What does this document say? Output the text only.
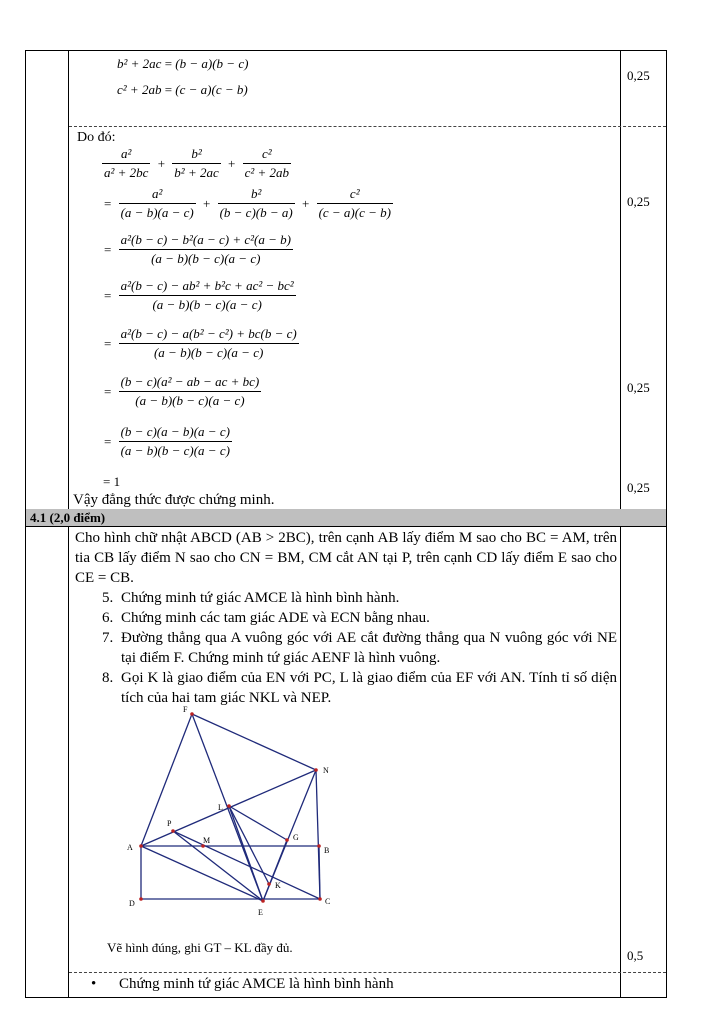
b² + 2ac = (b − a)(b − c)
c² + 2ab = (c − a)(c − b)
0,25
Do đó:
$\frac{\text{a²}}{\text{a² + 2bc}} + \frac{\text{b²}}{\text{b² + 2ac}} + \frac{\text{c²}}{\text{c² + 2ab}}$
= $\frac{\text{a²}}{(a - b)(a - c)} + \frac{\text{b²}}{(b - c)(b - a)} + \frac{\text{c²}}{(c - a)(c - b)}$	0,25
= $\frac{\text{a²(b − c) − b²(a − c) + c²(a − b)}}{(a - b)(b - c)(a - c)}$
= $\frac{\text{a²(b − c) − ab² + b²c + ac² − bc²}}{(a - b)(b - c)(a - c)}$
= $\frac{\text{a²(b − c) − a(b² − c²) + bc(b − c)}}{(a - b)(b - c)(a - c)}$
= $\frac{\text{(b − c)(a² − ab − ac + bc)}}{(a - b)(b - c)(a - c)}$	0,25
= $\frac{(b - c)(a - b)(a - c)}{(a - b)(b - c)(a - c)}$
= 1	0,25
Vậy đẳng thức được chứng minh.
4.1 (2,0 điểm)
Cho hình chữ nhật ABCD (AB > 2BC), trên cạnh AB lấy điểm M sao cho BC = AM, trên tia CB lấy điểm N sao cho CN = BM, CM cắt AN tại P, trên cạnh CD lấy điểm E sao cho CE = CB.
5. Chứng minh tứ giác AMCE là hình bình hành.
6. Chứng minh các tam giác ADE và ECN bằng nhau.
7. Đường thẳng qua A vuông góc với AE cắt đường thẳng qua N vuông góc với NE tại điểm F. Chứng minh tứ giác AENF là hình vuông.
8. Gọi K là giao điểm của EN với PC, L là giao điểm của EF với AN. Tính tỉ số diện tích của hai tam giác NKL và NEP.
F
N
L
P
M	G
A	B
K
D
E
C
Vẽ hình đúng, ghi GT – KL đầy đủ.
0,5
• Chứng minh tứ giác AMCE là hình bình hành
